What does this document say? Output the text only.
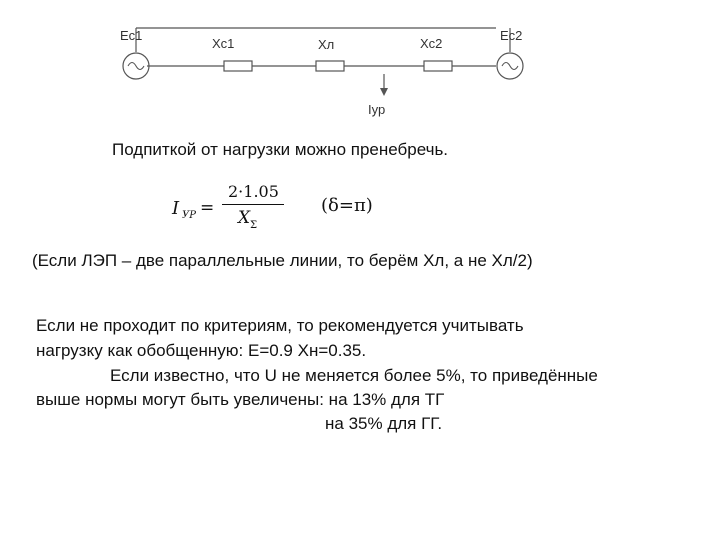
Ec1
Xc1	Xл	Xc2
Ec2
Iур
Подпиткой от нагрузки можно пренебречь.
I УР =
2·1.05
X Σ
(δ=π)
(Если ЛЭП – две параллельные линии, то берём Хл, а не Хл/2)
Если не проходит по критериям, то рекомендуется учитывать
нагрузку как обобщенную: Е=0.9 Хн=0.35.
Если известно, что U не меняется более 5%, то приведённые
выше нормы могут быть увеличены: на 13% для ТГ
на 35% для ГГ.
